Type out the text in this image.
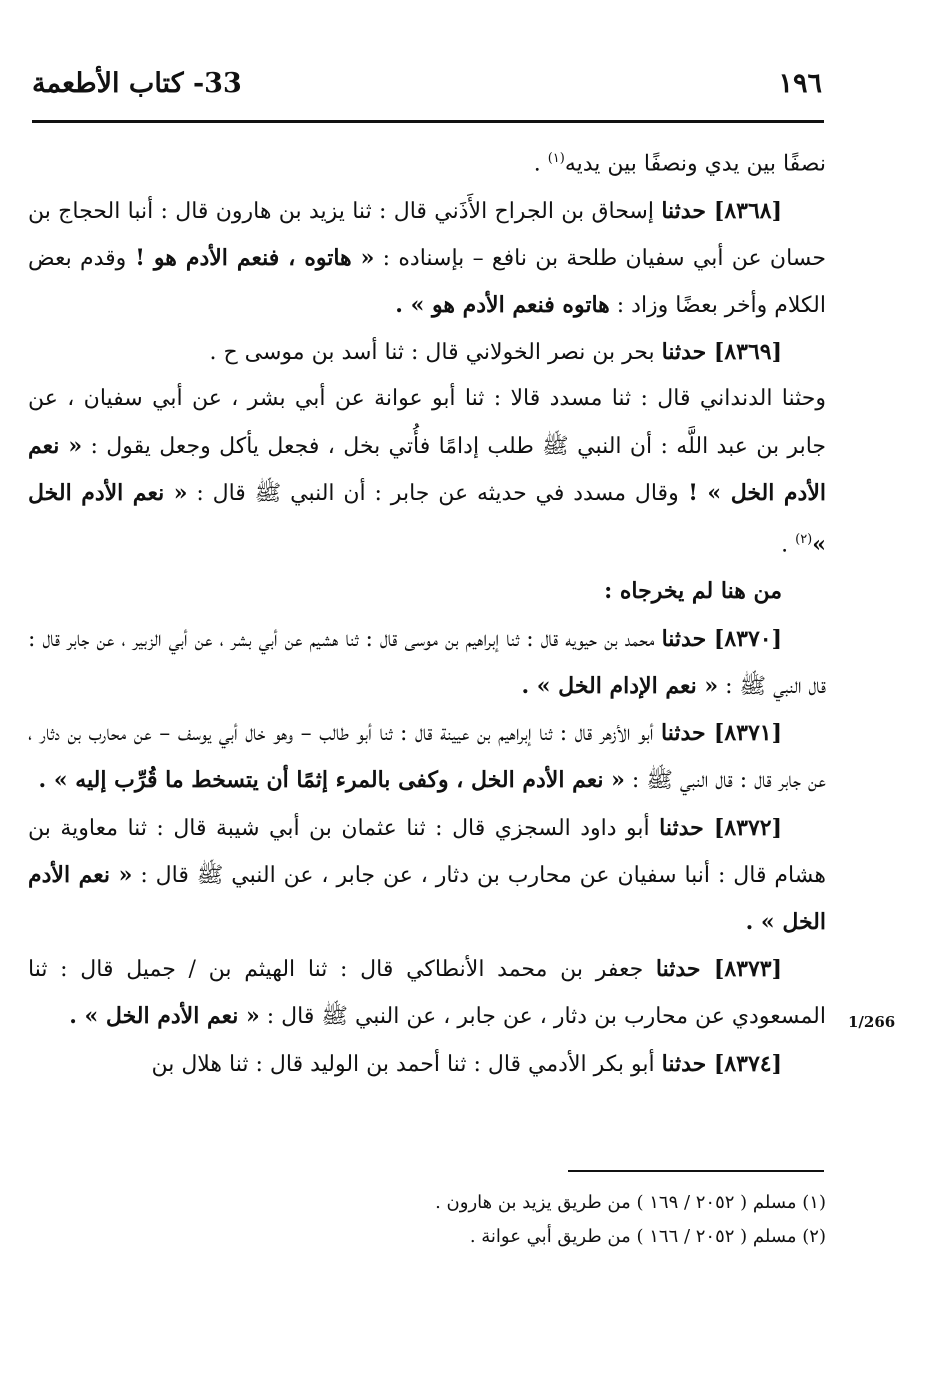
١٩٦
33- كتاب الأطعمة

نصفًا بين يدي ونصفًا بين يديه$^{(١)}$ .

[٨٣٦٨] حدثنا إسحاق بن الجراح الأَذَني قال : ثنا يزيد بن هارون قال : أنبا الحجاج بن حسان عن أبي سفيان طلحة بن نافع – بإسناده : « هاتوه ، فنعم الأدم هو ! وقدم بعض الكلام وأخر بعضًا وزاد : هاتوه فنعم الأدم هو » .

[٨٣٦٩] حدثنا بحر بن نصر الخولاني قال : ثنا أسد بن موسى ح .

وحثنا الدنداني قال : ثنا مسدد قالا : ثنا أبو عوانة عن أبي بشر ، عن أبي سفيان ، عن جابر بن عبد اللَّه : أن النبي ﷺ طلب إدامًا فأُتي بخل ، فجعل يأكل وجعل يقول : « نعم الأدم الخل » ! وقال مسدد في حديثه عن جابر : أن النبي ﷺ قال : « نعم الأدم الخل »$^{(٢)}$ .

من هنا لم يخرجاه :

[٨٣٧٠] حدثنا محمد بن حيويه قال : ثنا إبراهيم بن موسى قال : ثنا هشيم عن أبي بشر ، عن أبي الزبير ، عن جابر قال : قال النبي ﷺ : « نعم الإدام الخل » .

[٨٣٧١] حدثنا أبو الأزهر قال : ثنا إبراهيم بن عيينة قال : ثنا أبو طالب – وهو خال أبي يوسف – عن محارب بن دثار ، عن جابر قال : قال النبي ﷺ : « نعم الأدم الخل ، وكفى بالمرء إثمًا أن يتسخط ما قُرِّب إليه » .

[٨٣٧٢] حدثنا أبو داود السجزي قال : ثنا عثمان بن أبي شيبة قال : ثنا معاوية بن هشام قال : أنبا سفيان عن محارب بن دثار ، عن جابر ، عن النبي ﷺ قال : « نعم الأدم الخل » .

[٨٣٧٣] حدثنا جعفر بن محمد الأنطاكي قال : ثنا الهيثم بن / جميل قال : ثنا المسعودي عن محارب بن دثار ، عن جابر ، عن النبي ﷺ قال : « نعم الأدم الخل » .

[٨٣٧٤] حدثنا أبو بكر الأدمي قال : ثنا أحمد بن الوليد قال : ثنا هلال بن

1/266

(١) مسلم ( ٢٠٥٢ / ١٦٩ ) من طريق يزيد بن هارون .

(٢) مسلم ( ٢٠٥٢ / ١٦٦ ) من طريق أبي عوانة .
